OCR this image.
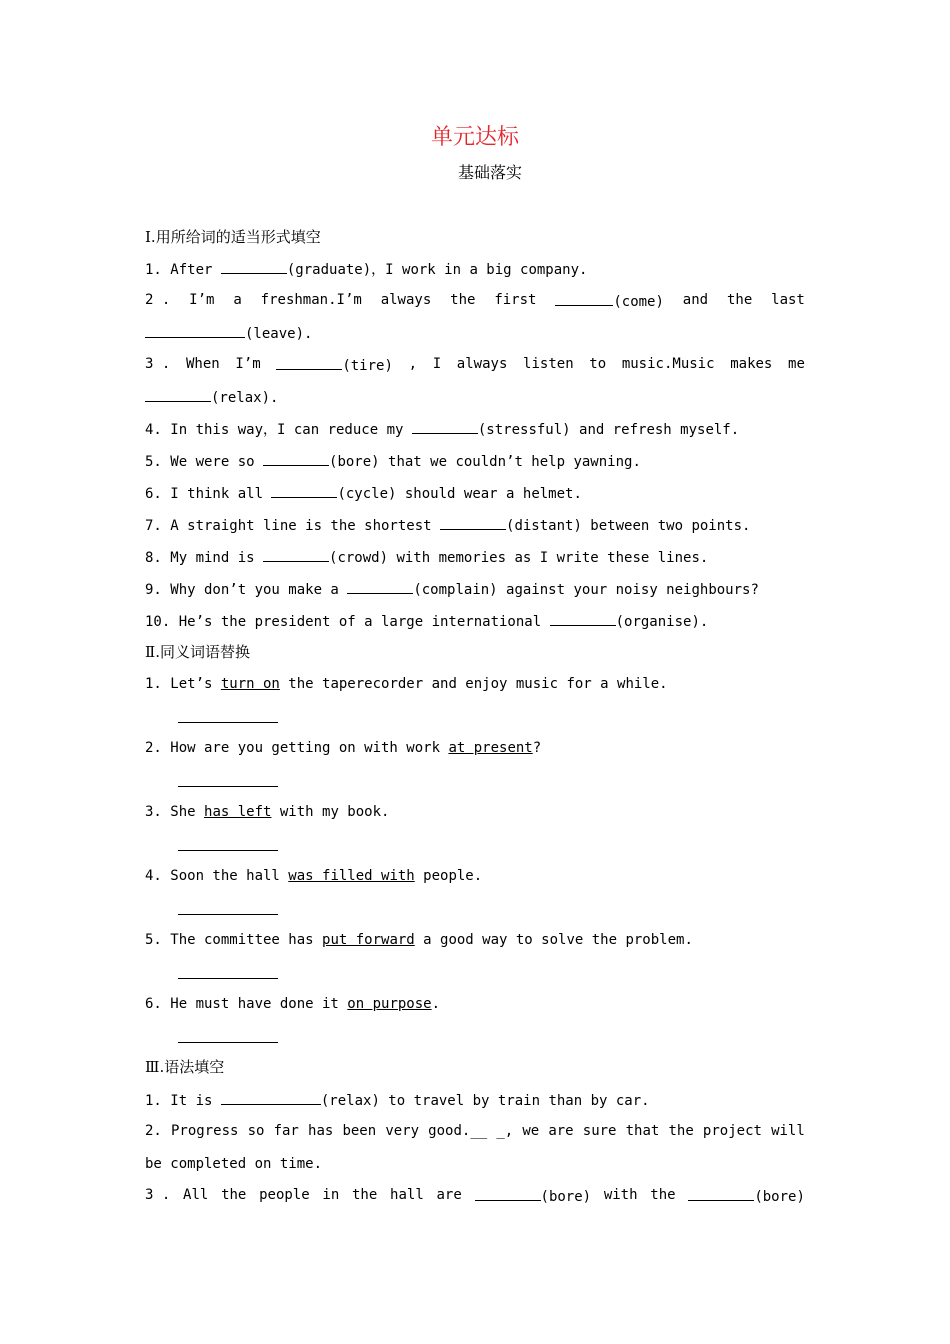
单元达标
基础落实
Ⅰ.用所给词的适当形式填空
1. After	(graduate)，I work in a big company.
2 . I’m a freshman.I’m always the first	(come) and the last
(leave).
3 . When I’m	(tire) , I always listen to music.Music makes me
(relax).
4. In this way，I can reduce my	(stressful) and refresh myself.
5. We were so	(bore) that we couldn’t help yawning.
6. I think all	(cycle) should wear a helmet.
7. A straight line is the shortest	(distant) between two points.
8. My mind is	(crowd) with memories as I write these lines.
9. Why don’t you make a	(complain) against your noisy neighbours?
10. He’s the president of a large international	(organise).
Ⅱ.同义词语替换
1. Let’s turn on the taperecorder and enjoy music for a while.
2. How are you getting on with work at present?
3. She has left with my book.
4. Soon the hall was filled with people.
5. The committee has put forward a good way to solve the problem.
6. He must have done it on purpose.
Ⅲ.语法填空
1. It is	(relax) to travel by train than by car.
2. Progress so far has been very good.__ _, we are sure that the project will
be completed on time.
3 . All the people in the hall are	(bore) with the	(bore)
